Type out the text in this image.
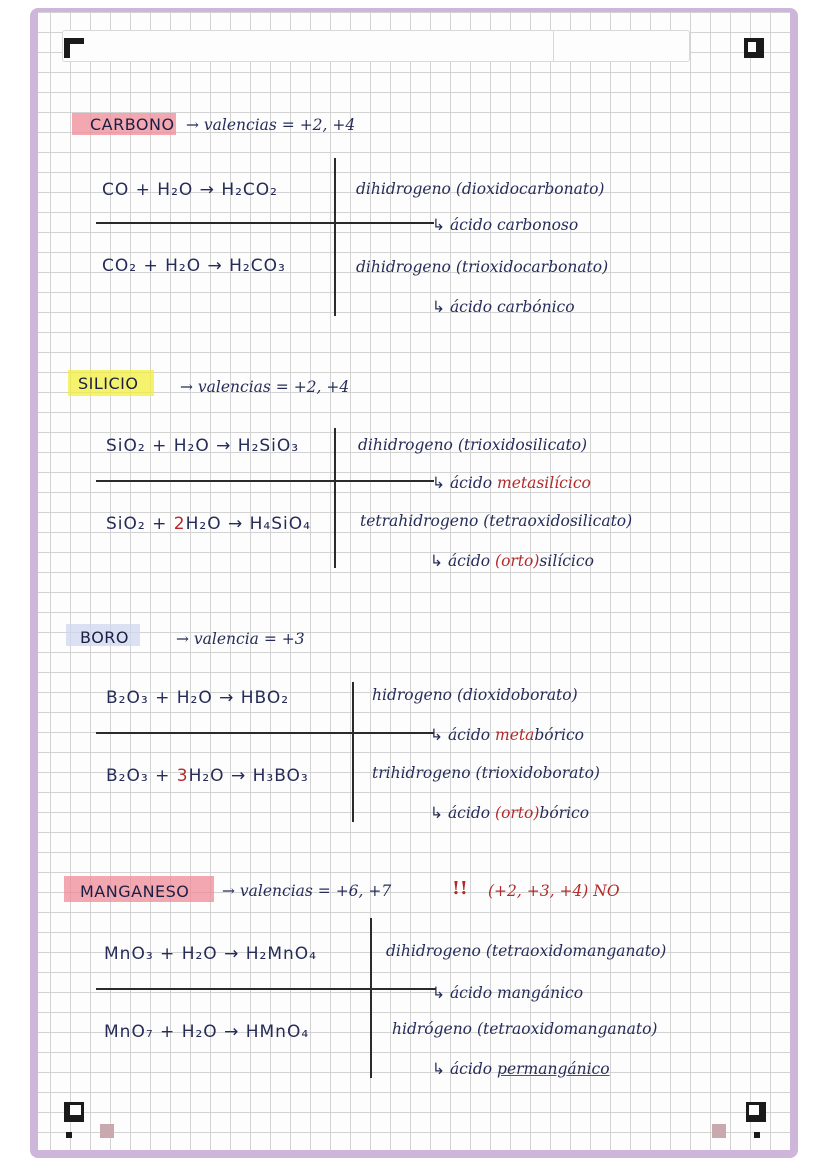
CARBONO → valencias = +2, +4
CO + H₂O → H₂CO₂	dihidrogeno (dioxidocarbonato)
↳ ácido carbonoso
CO₂ + H₂O → H₂CO₃	dihidrogeno (trioxidocarbonato)
↳ ácido carbónico
SILICIO	→ valencias = +2, +4
SiO₂ + H₂O → H₂SiO₃	dihidrogeno (trioxidosilicato)
↳ ácido metasilícico
SiO₂ + 2H₂O → H₄SiO₄	tetrahidrogeno (tetraoxidosilicato)
↳ ácido (orto)silícico
BORO	→ valencia = +3
B₂O₃ + H₂O → HBO₂	hidrogeno (dioxidoborato)
↳ ácido metabórico
B₂O₃ + 3H₂O → H₃BO₃	trihidrogeno (trioxidoborato)
↳ ácido (orto)bórico
MANGANESO → valencias = +6, +7	!! (+2, +3, +4) NO
MnO₃ + H₂O → H₂MnO₄	dihidrogeno (tetraoxidomanganato)
↳ ácido mangánico
MnO₇ + H₂O → HMnO₄	hidrógeno (tetraoxidomanganato)
↳ ácido permangánico
